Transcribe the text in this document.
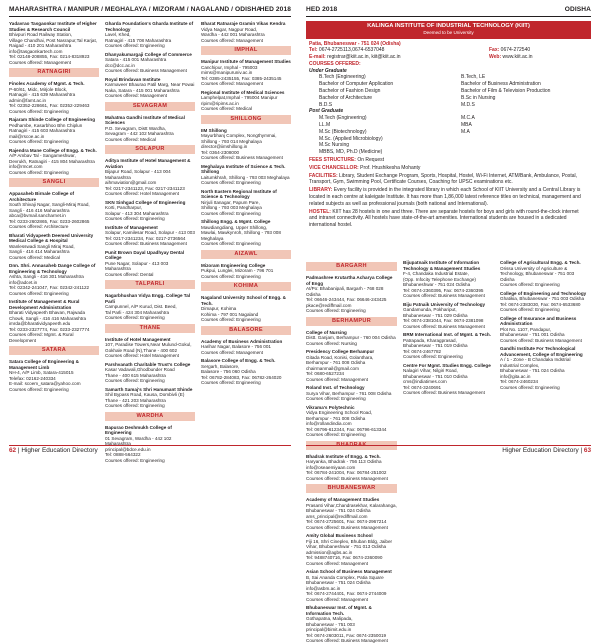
MAHARASHTRA / MANIPUR / MEGHALAYA / MIZORAM / NAGALAND / ODISHA
HED 2018
Yadavrao Tasgaonkar Institute of Higher Studies & Research Council
Bhivpuri Road Railway Station,
Village Chandhai, Post Nasrapur,Tal Karjat,
Raigad - 410 201 Maharashtra
info@tasgaonkartech.com
Tel: 02148-208855, Fax: 0214-8318923
Courses offered: Management
RATNAGIRI
Finolex Academy of Mgmt. & Tech.
P-60/61, Midc, Mirjole Block,
Ratnagiri - 415 639 Maharashtra
admin@famt.ac.in
Tel: 02352-228661, Fax: 02352-229463
Courses offered: Engineering
Rajaram Shinde College of Engineering
Pedhambe, Kasarbhoo Bhn Chiplun
Ratnagiri - 415 603 Maharashtra
mail@rscoe.ac.in
Courses offered: Engineering
Rajendra Mane College of Engg. & Tech.
A/P Ambav Tal - Sangameshwar,
Devrukh, Ratnagiri - 415 804 Maharashtra
info@rmcet.com
Courses offered: Engineering
SANGLI
Appasaheb Birnale College of Architecture
South Shivaji Nagar, Sangli-Miraj Road,
Sangli - 416 416 Maharashtra
abca@bvmail.sancharnet.in
Tel: 0233-2602865, Fax: 0233-2602865
Courses offered: Architecture
Bharati Vidyapeeth Deemed University Medical College & Hospital
Wanlesswadi Sangli Miraj Road,
Sangli - 416 414 Maharashtra
Courses offered: Medical
Dnn. Shri. Annasaheb Dange College of Engineering & Technology
Ashta, Sangli - 416 301 Maharashtra
info@adcet.in
Tel: 02342-241047, Fax: 02342-241122
Courses offered: Engineering
Institute of Management & Rural Development Administration
Bharati Vidyapeeth Bhavan, Rajwada
Chowk, Sangli - 416 416 Maharashtra
imrda@bharatividyapeeth.edu
Tel: 0233-2327774, Fax: 0233-2327774
Courses offered: Mgmt. & Rural Development
SATARA
Satara College of Engineering & Management Limb
NH-4, A/P Limb, Satara-415015
Telefax: 02162-240334
E-mail: scoem_satara@yahoo.com
Courses offered: Engineering
Gharda Foundation's Gharda Institute of Technology
Lavel, Khed,
Ratnagiri - 415 708 Maharashtra
Courses offered: Engineering
Dhanyakumargaji College of Commerce
Satara - 415 001 Maharashtra
dcc@dcc.ac.in
Courses offered: Business Management
Royal Brindavan Institute
Karmaveer Bhaurao Patil Marg, Near Powai
Naka, Satara - 415 001 Maharashtra
Courses offered: Management
SEVAGRAM
Mahatma Gandhi Institute of Medical Sciences
P.O. Sevagram, Distt Wardha,
Sevagram - 442 102 Maharashtra
Courses offered: Medical
SOLAPUR
Aditya Institute of Hotel Management & Aviation
Bijapur Road, Solapur - 413 004 Maharashtra
aihmaviation@gmail.com
Tel: 0217-2341123, Fax: 0217-2341123
Courses offered: Hotel Management
SKN Sinhgad College of Engineering
Korti, Pandharpur,
Solapur - 413 304 Maharashtra
Courses offered: Engineering
Institute of Management
Solapur, Kamilesar Road, Solapur - 413 003
Tel: 0217-2341234, Fax: 0217-2736564
Courses offered: Business Management
Punit Brown Dayal Upadhyay Dental College
Pune Nagar, Solapur - 413 003 Maharashtra
Courses offered: Dental
TALPARLI
Nagarbhushan Vidya Engg. College Tal Parli
Campunnel, A/P Kurud, Dist. Beed,
Tal Parli - 424 304 Maharashtra
Courses offered: Engineering
THANE
Institute of Hotel Management
107, Paradise Towers,Near Mulund-Gokul,
Gokhale Road (N),Thane - 400 602
Courses offered: Hotel Management
Parshvanath Charitable Trust's College
Kasar Vadavali,Ghodbunder Road
Thane - 400 615 Maharashtra
Courses offered: Engineering
Samarth Samaj's Shri Hanumant Shinde
Shil Bypass Road, Kausa, Dombivli (E)
Thane - 421 203 Maharashtra
Courses offered: Engineering
WARDHA
Bapurao Deshmukh College of Engineering
01 Sevagram, Wardha - 442 102 Maharashtra
principal@bdce.edu.in
Tel: 0888-564322
Courses offered: Engineering
Bharat Ratnaraje Gramin Vikas Kendra
Vidya Nagar, Nagpur Road,
Wardha - 442 001 Maharashtra
Courses offered: Management
IMPHAL
Manipur Institute of Management Studies
Canchipur, Imphal - 795003
mims@manipuruniv.ac.in
Tel: 0385-2435155, Fax: 0385-2435145
Courses offered: Management
Regional Institute of Medical Sciences
Lamphelpat,Imphal - 795004 Manipur
ripim@ripims.ac.in
Courses offered: Medical
SHILLONG
IIM Shillong
Mayurbhanj Complex, Nongthymmai,
Shillong - 793 014 Meghalaya
director@iimshillong.in
Tel: 0364-2308000
Courses offered: Business Management
Meghalaya Institute of Science & Tech. Shillong
Laitumkhrah, Shillong - 793 003 Meghalaya
Courses offered: Engineering
North Eastern Regional Institute of Science & Technology
Nirjuli Itanagar, Papum Pare,
Shillong - 793 003 Meghalaya
Courses offered: Engineering
Shillong Engg. & Mgmt. College
Mawdiangdiang, Upper Shillong,
Mawlai, Mawkynroh, Shillong - 793 008 Meghalaya
Courses offered: Engineering
AIZAWL
Mizoram Engineering College
Pukpui, Lunglei, Mizoram - 796 701
Courses offered: Engineering
KOHIMA
Nagaland University School of Engg. & Tech.
Dimapur, Kohima
Kohima - 797 001 Nagaland
Courses offered: Engineering
BALASORE
Academy of Business Administration
Harihar Nagar, Balasore - 756 001
Courses offered: Management
Balasore College of Engg. & Tech.
Sergarh, Balasore,
Balasore - 756 060 Odisha
Tel: 06782-284083, Fax: 06782-264020
Courses offered: Engineering
62 | Higher Education Directory
HED 2018	ODISHA
KALINGA INSTITUTE OF INDUSTRIAL TECHNOLOGY (KIIT)
Deemed to be University
Patia, Bhubaneswar - 751 024 (Odisha)
Tel: 0674-2725113,0674-6537048	Fax: 0674-272540
E-mail: registrar@kiit.ac.in, kiit@kiit.ac.in	Web: www.kiit.ac.in
COURSES OFFERED:
Under Graduate
B.Tech (Engineering)
Bachelor of Computer Application
Bachelor of Fashion Design
Bachelor of Architecture
B.D.S
B.Tech, LE
Bachelor of Business Administration
Bachelor of Film & Television Production
B.Sc in Nursing
M.D.S
Post Graduate
M.Tech (Engineering)
LL.M
M.Sc (Biotechnology)
M.Sc. (Applied Microbiology)
M.Sc Nursing
MBBS, MD, Ph.D (Medicine)
M.C.A
MBA
M.A

FEES STRUCTURE: On Request
VICE CHANCELLOR: Prof. Hrushikesha Mohanty
FACILITIES: Library, Student Exchange Program, Sports, Hospital, Hostel, Wi-Fi Internet, ATM/Bank, Ambulance, Postal, Transport, Gym, Swimming Pool, Certificate Courses, Coaching for UPSC examinations etc.
LIBRARY: Every facility is provided in the integrated library in which each School of KIIT University and a Central Library is located in each centre at kaleigate Institute. It has more than 1,86,000 latest reference titles on technical, management and related subjects as well as professional journals (both national and International).
HOSTEL: KIIT has 28 hostels in one and three. There are separate hostels for boys and girls with round-the-clock internet and intranet connectivity. All hostels have state-of-the-art amenities. International students are housed in a dedicated international hostel.
BARGARH
Padmashree Krutartha Acharya College of Engg
At/Po: Bhabanipali, Bargarh - 768 028 Odisha
Tel: 06646-243444, Fax: 06646-243425
pkace@rediffmail.com
Courses offered: Engineering
BERHAMPUR
College of Nursing
Distt. Ganjam, Berhampur - 760 004 Odisha
Courses offered: Nursing
Presidency College Berhampur
Gitada Road, Konisi, Golanthara,
Berhampur - 761 008 Odisha
chairmanmail@gmail.com
Tel: 0680-6527234
Courses offered: Management
Roland Inst. of Technology
Surya Vihar, Berhampur - 761 008 Odisha
Courses offered: Engineering
Vikrama's Polytechnic
Vidya Engineering School Road,
Berhampur - 761 008 Odisha
info@rollandindia.com
Tel: 06796-612344, Fax: 06796-613344
Courses offered: Engineering
BHADRAK
Bhadrak Institute of Engg. & Tech.
Haryanka, Bhadrak - 756 113 Odisha
info@oseaemiyaan.com
Tel: 06784-241004, Fax: 06784-251002
Courses offered: Business Management
BHUBANESWAR
Academy of Management Studies
Prasanti Vihar,Chandrasekhar, Kalarahanga,
Bhubaneswar - 751 024 Odisha
ams_principal@rediffmail.com
Tel: 0674-2725601, Fax: 0674-2967214
Courses offered: Business Management
Amity Global Business School
Fiji 16, Shri Cineplex, Bhuban Bldg, Jaiber
Vihar, Bhubaneshwar - 751 013 Odisha
admission@agbs.ac.in
Tel: 9488740716, Fax: 0674-2360090
Courses offered: Management
Asian School of Business Management
B, Sai Ananda Complex, Patia Square
Bhubaneswar - 751 024 Odisha
info@asbm.ac.in
Tel: 0674-2744401, Fax: 0674-2744009
Courses offered: Management
Bhubaneswar Inst. of Mgmt. & Information Tech.
Gothapatna, Malipada,
Bhubaneswar - 751 003
principal@bimit.edu.in
Tel: 0674-2603011, Fax: 0674-2350019
Courses offered: Business Management
Bijupatnaik Institute of Information Technology & Management Studies
F-4, Chandaka Industrial Estate,
(Opp. Infocity Telephone Exchange)
Bhubaneshwar - 751 024 Odisha
Tel: 0674-2360395, Fax: 0674-2360395
Courses offered: Business Management
Biju Patnaik University of Technology
Gandamunda, Pokhariput,
Bhubaneswar - 751 029 Odisha
Tel: 0674-2381044, Fax: 0674-2381098
Courses offered: Business Management
BRM International Inst. of Mgmt. & Tech.
Patrapada, Kharagprasad,
Bhubaneswar - 751 019 Odisha
Tel: 0674-2467782
Courses offered: Engineering
Centre For Mgmt. Studies Engg. College
Nalagiri Vihar, Nilgiri Road,
Bhubaneswar - 751 010 Odisha
cms@indiatimes.com
Tel: 0674-3240691
Courses offered: Business Management
College of Agricultural Engg. & Tech.
Orissa University of Agriculture & Technology, Bhubaneswar - 751 003
Odisha
Courses offered: Engineering
College of Engineering and Technology
Ghatikia, Bhubaneswar - 751 003 Odisha
Tel: 0674-2383030, Fax: 0674-6533680
Courses offered: Engineering
College of Insurance and Business Administration
Plot No. 1107, Pandapur,
Bhubaneswar - 751 001 Odisha
Courses offered: Business Management
Gandhi Institute For Technological Advancement, College of Engineering
A / 1 - Zone - B Chandaka Indstrial
Industrial Complex,
Bhubaneswar - 751 024 Odisha
info@gita.ac.in
Tel: 0674-2460234
Courses offered: Engineering
Higher Education Directory | 63
